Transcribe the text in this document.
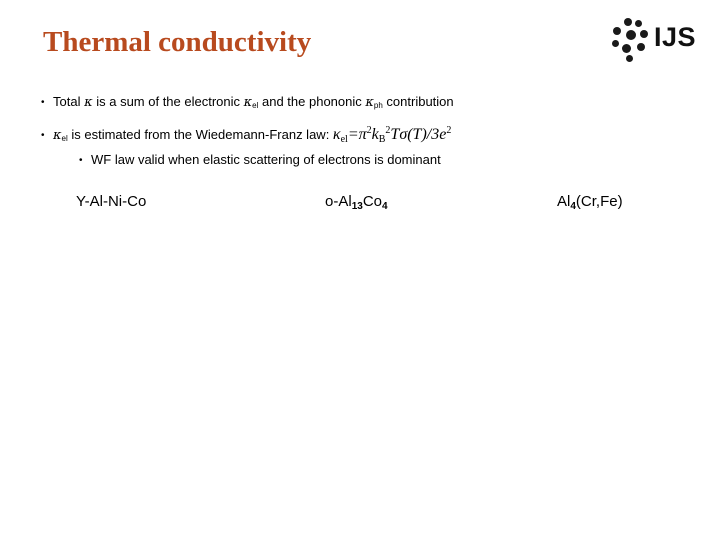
Thermal conductivity	IJS
• Total κ is a sum of the electronic $\kappa_{el}$ and the phononic $\kappa_{ph}$ contribution
• $\kappa_{el}$ is estimated from the Wiedemann-Franz law: $\kappa el=\pi^2kB^2T\sigma(T)/3e^2$
• WF law valid when elastic scattering of electrons is dominant
Y-Al-Ni-Co	$o-Al_{13}Co_4$	$Al_4(Cr,Fe)$
